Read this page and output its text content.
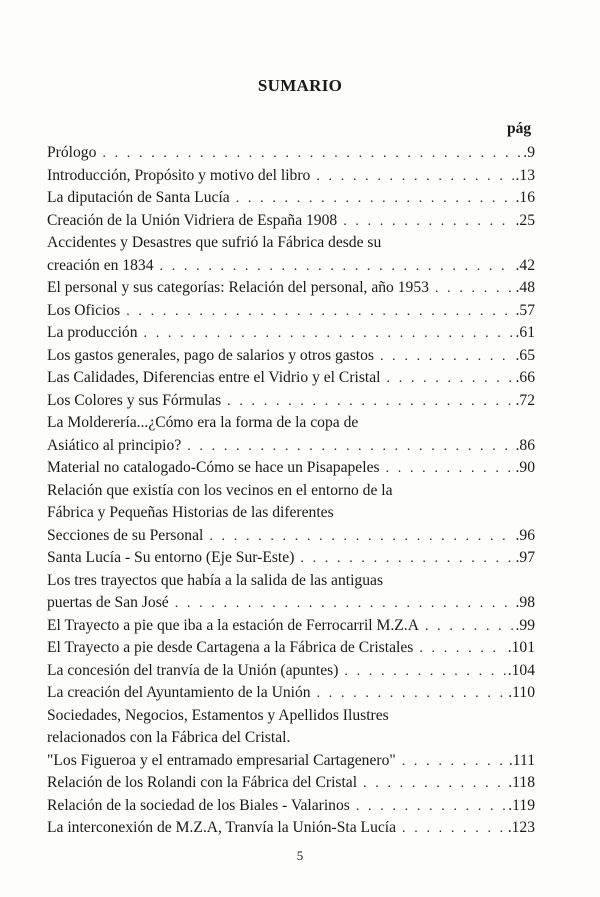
SUMARIO
pág
Prólogo . . .	.9
Introducción, Propósito y motivo del libro . . .	.13
La diputación de Santa Lucía . . .	.16
Creación de la Unión Vidriera de España 1908 . . .	.25
Accidentes y Desastres que sufrió la Fábrica desde su
creación en 1834 . . .	.42
El personal y sus categorías: Relación del personal, año 1953 . . .	.48
Los Oficios . . .	.57
La producción . . .	.61
Los gastos generales, pago de salarios y otros gastos . . .	.65
Las Calidades, Diferencias entre el Vidrio y el Cristal . . .	.66
Los Colores y sus Fórmulas . . .	.72
La Molderería...¿Cómo era la forma de la copa de
Asiático al principio? . . .	.86
Material no catalogado-Cómo se hace un Pisapapeles . . .	.90
Relación que existía con los vecinos en el entorno de la
Fábrica y Pequeñas Historias de las diferentes
Secciones de su Personal . . .	.96
Santa Lucía - Su entorno (Eje Sur-Este) . . .	.97
Los tres trayectos que había a la salida de las antiguas
puertas de San José . . .	.98
El Trayecto a pie que iba a la estación de Ferrocarril M.Z.A . . .	.99
El Trayecto a pie desde Cartagena a la Fábrica de Cristales . . .	.101
La concesión del tranvía de la Unión (apuntes) . . .	.104
La creación del Ayuntamiento de la Unión . . .	.110
Sociedades, Negocios, Estamentos y Apellidos Ilustres
relacionados con la Fábrica del Cristal.
"Los Figueroa y el entramado empresarial Cartagenero" . . .	.111
Relación de los Rolandi con la Fábrica del Cristal . . .	.118
Relación de la sociedad de los Biales - Valarinos . . .	.119
La interconexión de M.Z.A, Tranvía la Unión-Sta Lucía . . .	.123
5
